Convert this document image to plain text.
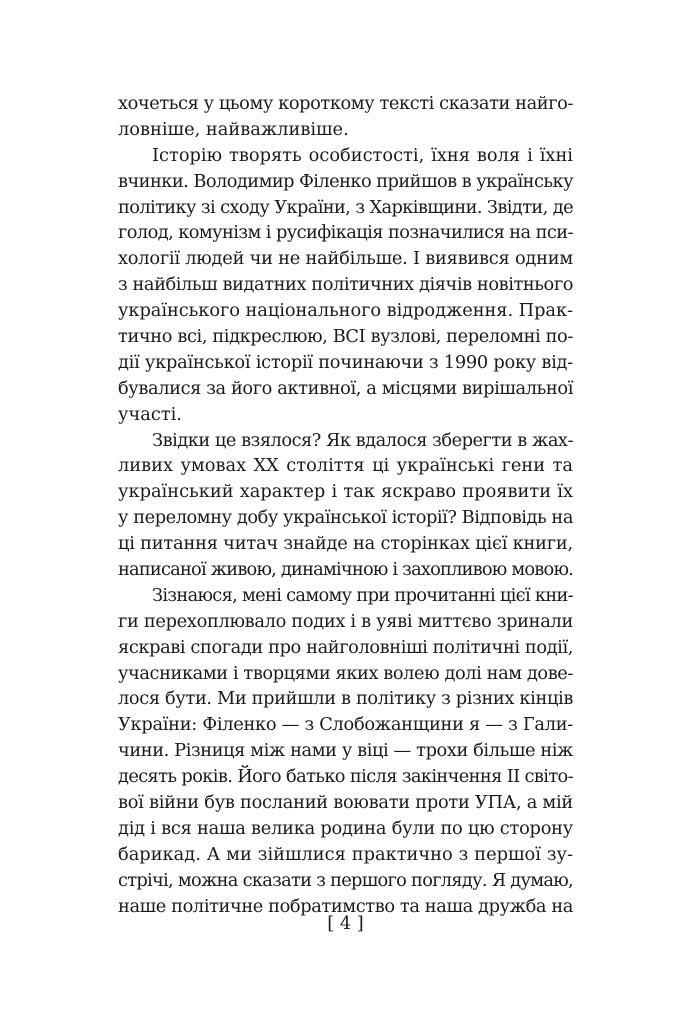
хочеться у цьому короткому тексті сказати найго-
ловніше, найважливіше.
Історію творять особистості, їхня воля і їхні
вчинки. Володимир Філенко прийшов в українську
політику зі сходу України, з Харківщини. Звідти, де
голод, комунізм і русифікація позначилися на пси-
хології людей чи не найбільше. І виявився одним
з найбільш видатних політичних діячів новітнього
українського національного відродження. Прак-
тично всі, підкреслюю, ВСІ вузлові, переломні по-
дії української історії починаючи з 1990 року від-
бувалися за його активної, а місцями вирішальної
участі.
Звідки це взялося? Як вдалося зберегти в жах-
ливих умовах ХХ століття ці українські гени та
український характер і так яскраво проявити їх
у переломну добу української історії? Відповідь на
ці питання читач знайде на сторінках цієї книги,
написаної живою, динамічною і захопливою мовою.
Зізнаюся, мені самому при прочитанні цієї кни-
ги перехоплювало подих і в уяві миттєво зринали
яскраві спогади про найголовніші політичні події,
учасниками і творцями яких волею долі нам дове-
лося бути. Ми прийшли в політику з різних кінців
України: Філенко — з Слобожанщини я — з Гали-
чини. Різниця між нами у віці — трохи більше ніж
десять років. Його батько після закінчення ІІ світо-
вої війни був посланий воювати проти УПА, а мій
дід і вся наша велика родина були по цю сторону
барикад. А ми зійшлися практично з першої зу-
стрічі, можна сказати з першого погляду. Я думаю,
наше політичне побратимство та наша дружба на
[ 4 ]
